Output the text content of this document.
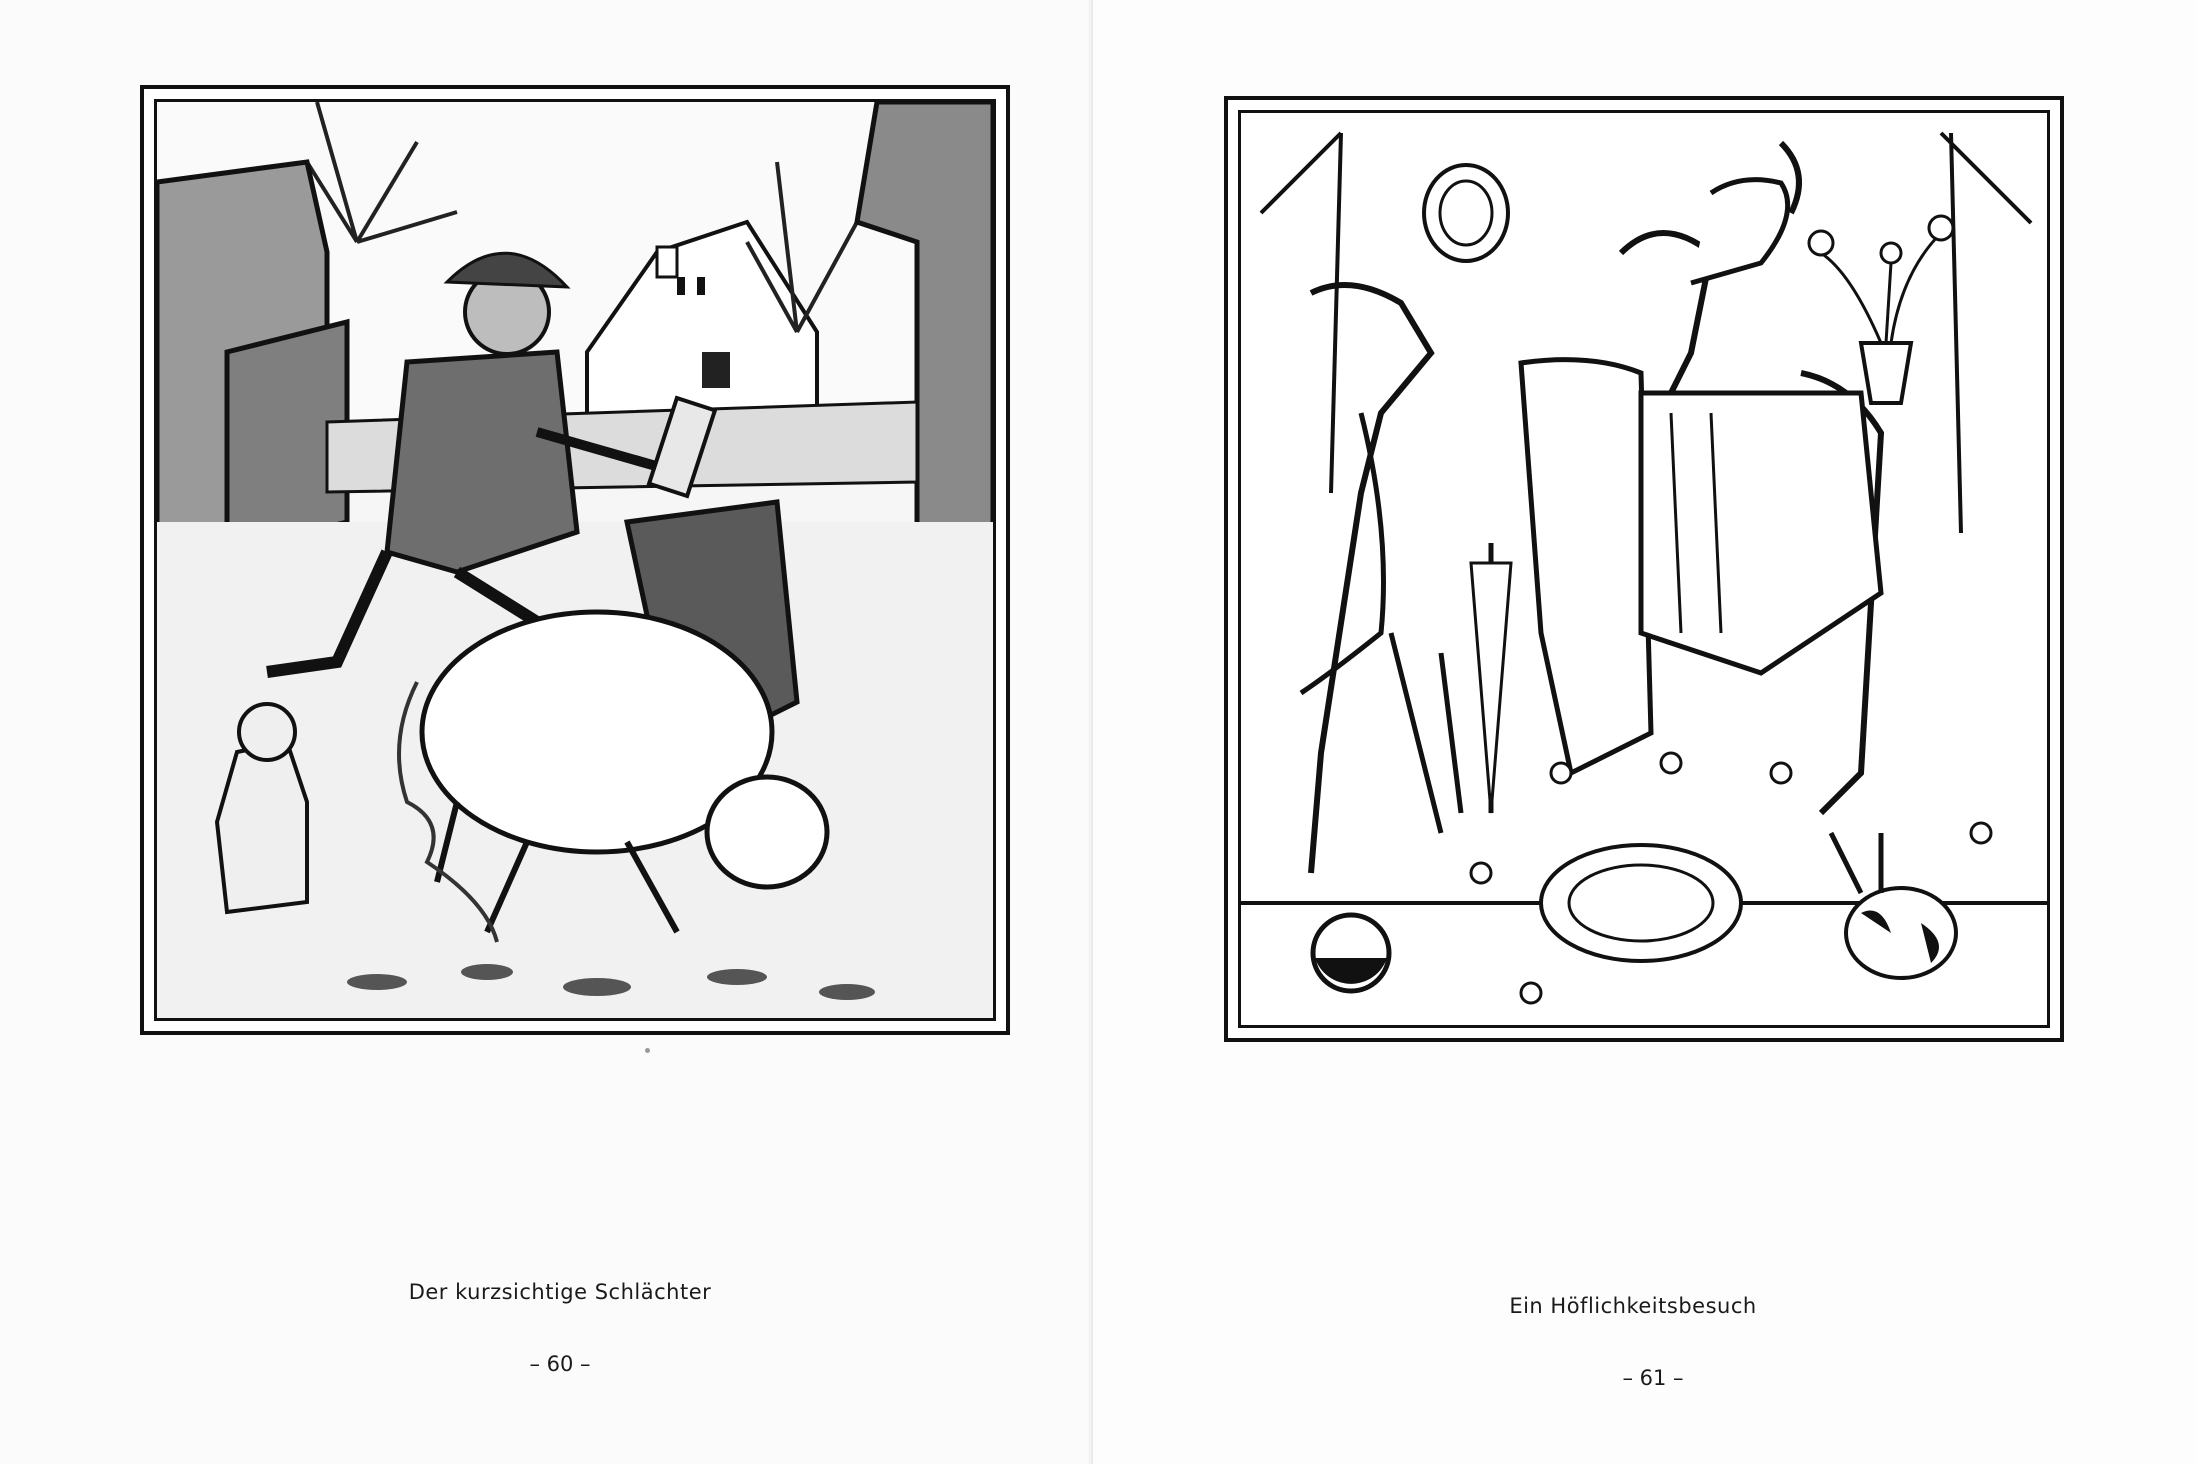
Der kurzsichtige Schlächter
– 60 –
Ein Höflichkeitsbesuch
– 61 –
